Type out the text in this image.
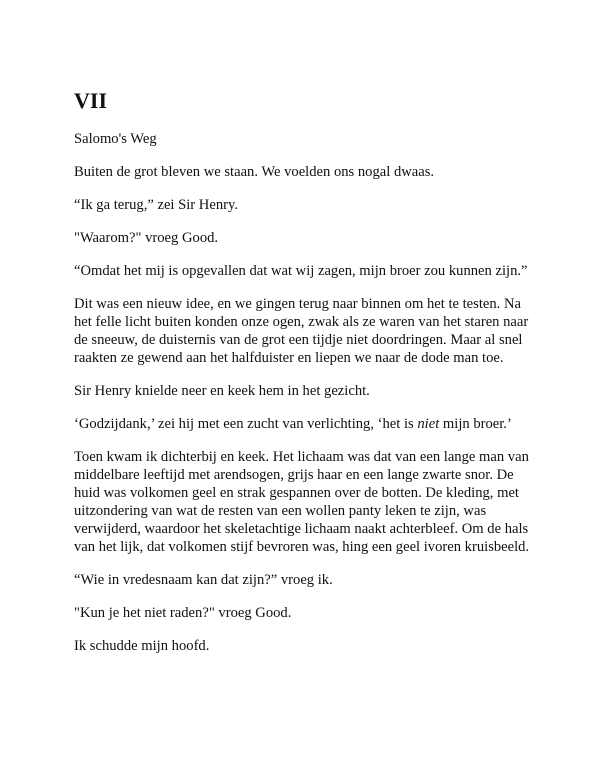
VII

Salomo's Weg

Buiten de grot bleven we staan. We voelden ons nogal dwaas.

“Ik ga terug,” zei Sir Henry.

"Waarom?" vroeg Good.

“Omdat het mij is opgevallen dat wat wij zagen, mijn broer zou kunnen zijn.”

Dit was een nieuw idee, en we gingen terug naar binnen om het te testen. Na het felle licht buiten konden onze ogen, zwak als ze waren van het staren naar de sneeuw, de duisternis van de grot een tijdje niet doordringen. Maar al snel raakten ze gewend aan het halfduister en liepen we naar de dode man toe.

Sir Henry knielde neer en keek hem in het gezicht.

‘Godzijdank,’ zei hij met een zucht van verlichting, ‘het is niet mijn broer.’

Toen kwam ik dichterbij en keek. Het lichaam was dat van een lange man van middelbare leeftijd met arendsogen, grijs haar en een lange zwarte snor. De huid was volkomen geel en strak gespannen over de botten. De kleding, met uitzondering van wat de resten van een wollen panty leken te zijn, was verwijderd, waardoor het skeletachtige lichaam naakt achterbleef. Om de hals van het lijk, dat volkomen stijf bevroren was, hing een geel ivoren kruisbeeld.

“Wie in vredesnaam kan dat zijn?” vroeg ik.

"Kun je het niet raden?" vroeg Good.

Ik schudde mijn hoofd.
